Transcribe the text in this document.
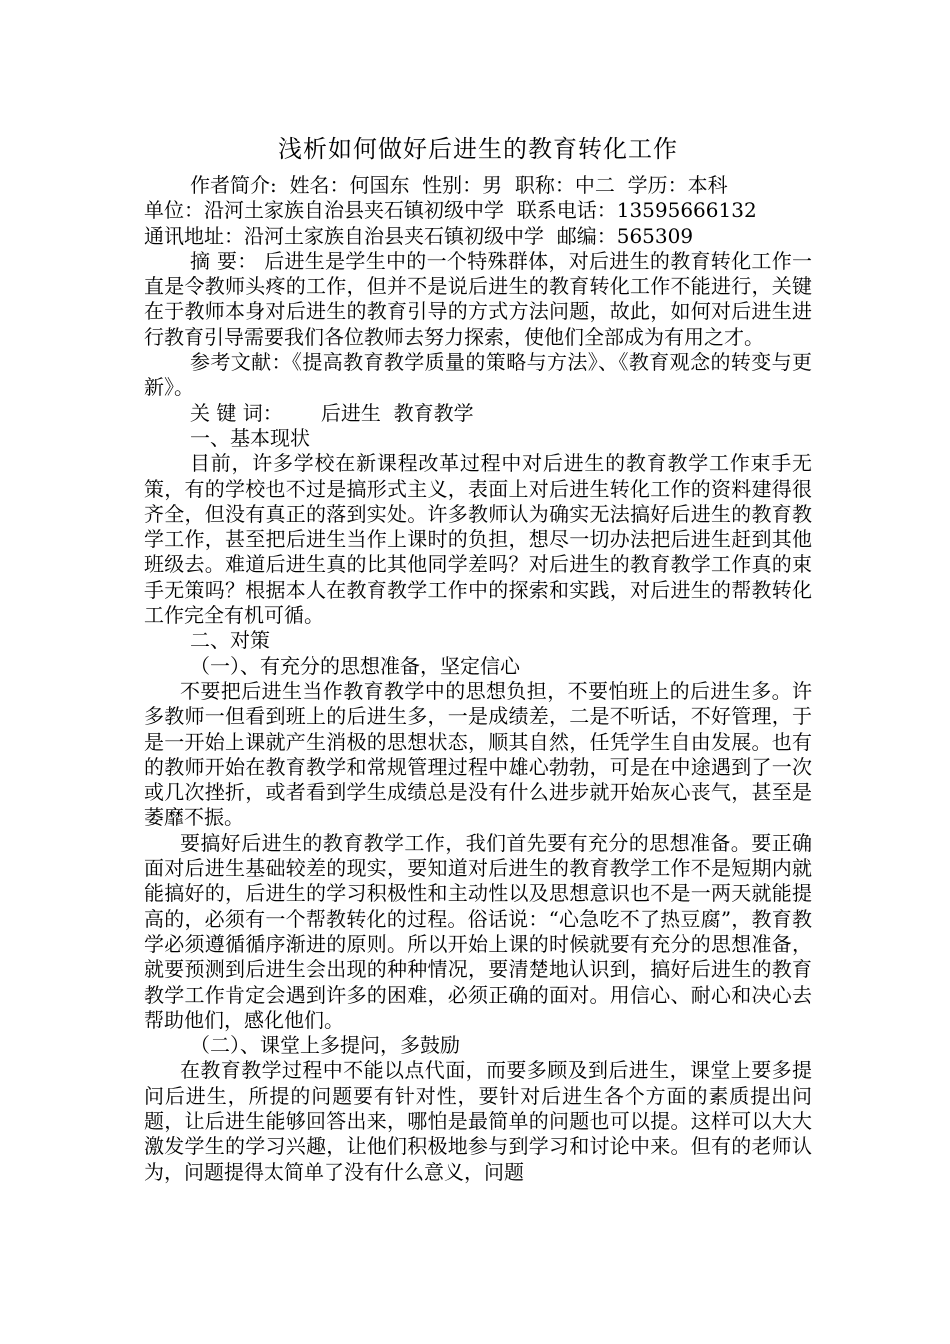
浅析如何做好后进生的教育转化工作

作者简介:  姓名：何国东  性别：男  职称：中二  学历：本科

单位：沿河土家族自治县夹石镇初级中学  联系电话：13595666132

通讯地址：沿河土家族自治县夹石镇初级中学  邮编：565309

摘 要： 后进生是学生中的一个特殊群体，对后进生的教育转化工作一直是令教师头疼的工作，但并不是说后进生的教育转化工作不能进行，关键在于教师本身对后进生的教育引导的方式方法问题，故此，如何对后进生进行教育引导需要我们各位教师去努力探索，使他们全部成为有用之才。

参考文献：《提高教育教学质量的策略与方法》、《教育观念的转变与更新》。

关 键 词：      后进生  教育教学

一、基本现状

目前，许多学校在新课程改革过程中对后进生的教育教学工作束手无策，有的学校也不过是搞形式主义，表面上对后进生转化工作的资料建得很齐全，但没有真正的落到实处。许多教师认为确实无法搞好后进生的教育教学工作，甚至把后进生当作上课时的负担，想尽一切办法把后进生赶到其他班级去。难道后进生真的比其他同学差吗？对后进生的教育教学工作真的束手无策吗？根据本人在教育教学工作中的探索和实践，对后进生的帮教转化工作完全有机可循。

二、对策

（一）、有充分的思想准备，坚定信心

不要把后进生当作教育教学中的思想负担，不要怕班上的后进生多。许多教师一但看到班上的后进生多，一是成绩差，二是不听话，不好管理，于是一开始上课就产生消极的思想状态，顺其自然，任凭学生自由发展。也有的教师开始在教育教学和常规管理过程中雄心勃勃，可是在中途遇到了一次或几次挫折，或者看到学生成绩总是没有什么进步就开始灰心丧气，甚至是萎靡不振。

要搞好后进生的教育教学工作，我们首先要有充分的思想准备。要正确面对后进生基础较差的现实，要知道对后进生的教育教学工作不是短期内就能搞好的，后进生的学习积极性和主动性以及思想意识也不是一两天就能提高的，必须有一个帮教转化的过程。俗话说：“心急吃不了热豆腐”，教育教学必须遵循循序渐进的原则。所以开始上课的时候就要有充分的思想准备，就要预测到后进生会出现的种种情况，要清楚地认识到，搞好后进生的教育教学工作肯定会遇到许多的困难，必须正确的面对。用信心、耐心和决心去帮助他们，感化他们。

（二）、课堂上多提问，多鼓励

在教育教学过程中不能以点代面，而要多顾及到后进生，课堂上要多提问后进生，所提的问题要有针对性，要针对后进生各个方面的素质提出问题，让后进生能够回答出来，哪怕是最简单的问题也可以提。这样可以大大激发学生的学习兴趣，让他们积极地参与到学习和讨论中来。但有的老师认为，问题提得太简单了没有什么意义，问题
